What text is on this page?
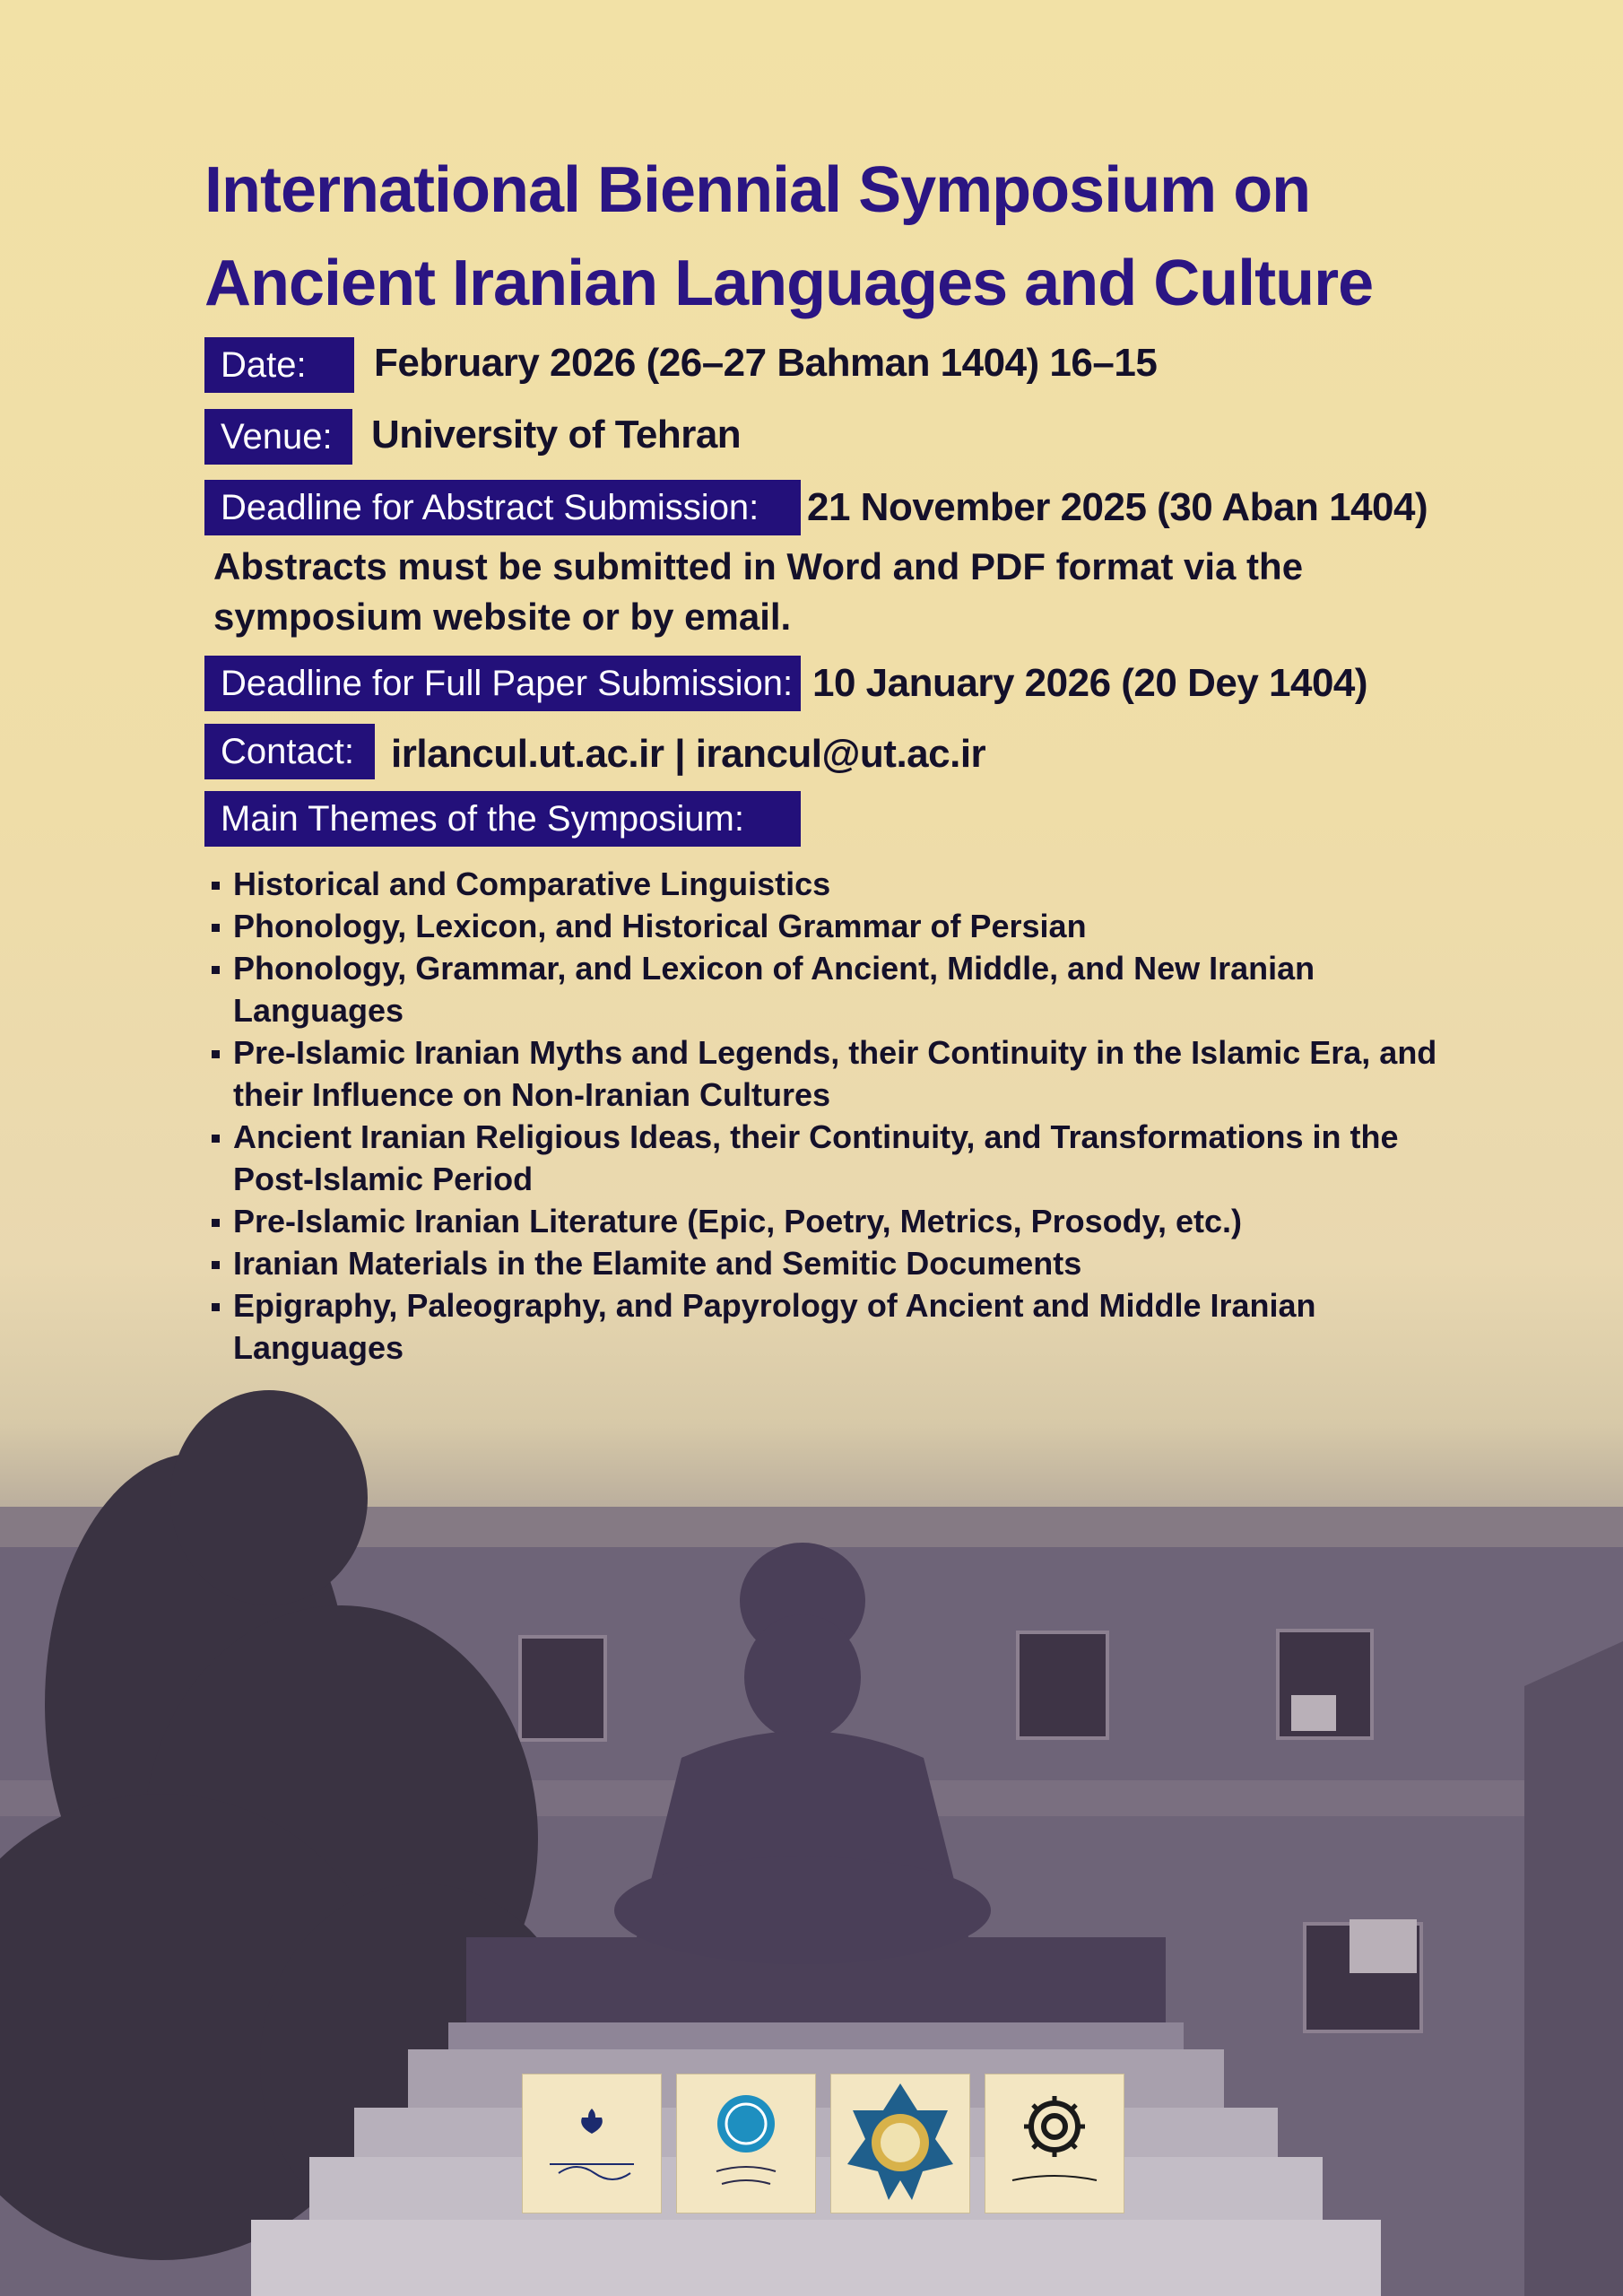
International Biennial Symposium on
Ancient Iranian Languages and Culture
Date:	February 2026 (26–27 Bahman 1404) 16–15
Venue: University of Tehran
Deadline for Abstract Submission:	21 November 2025 (30 Aban 1404)

Abstracts must be submitted in Word and PDF format via the symposium website or by email.

Deadline for Full Paper Submission: 10 January 2026 (20 Dey 1404)
Contact: irlancul.ut.ac.ir | irancul@ut.ac.ir
Main Themes of the Symposium:
Historical and Comparative Linguistics
Phonology, Lexicon, and Historical Grammar of Persian
Phonology, Grammar, and Lexicon of Ancient, Middle, and New Iranian Languages
Pre-Islamic Iranian Myths and Legends, their Continuity in the Islamic Era, and their Influence on Non-Iranian Cultures
Ancient Iranian Religious Ideas, their Continuity, and Transformations in the Post-Islamic Period
Pre-Islamic Iranian Literature (Epic, Poetry, Metrics, Prosody, etc.)
Iranian Materials in the Elamite and Semitic Documents
Epigraphy, Paleography, and Papyrology of Ancient and Middle Iranian Languages
